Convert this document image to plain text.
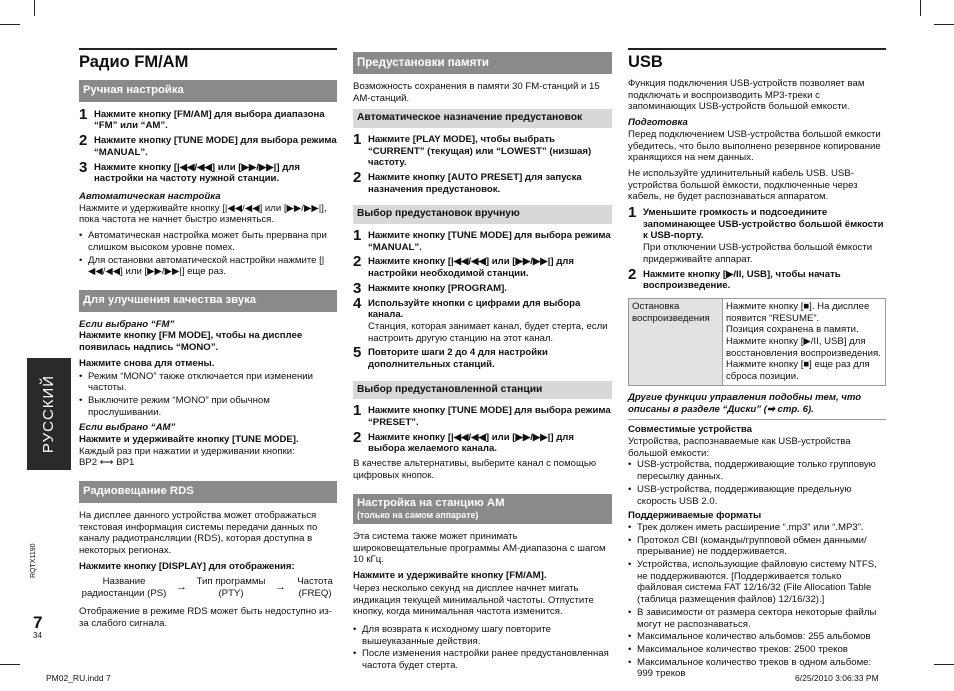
Радио FM/AM
Ручная настройка
1 Нажмите кнопку [FM/AM] для выбора диапазона “FM” или “AM”.
2 Нажмите кнопку [TUNE MODE] для выбора режима “MANUAL”.
3 Нажмите кнопку [|◀◀/◀◀] или [▶▶/▶▶|] для настройки на частоту нужной станции.

Автоматическая настройка

Нажмите и удерживайте кнопку [|◀◀/◀◀] или [▶▶/▶▶|], пока частота не начнет быстро изменяться.

• Автоматическая настройка может быть прервана при слишком высоком уровне помех.
• Для остановки автоматической настройки нажмите [|◀◀/◀◀] или [▶▶/▶▶|] еще раз.
Для улучшения качества звука

Если выбрано “FM”

Нажмите кнопку [FM MODE], чтобы на дисплее появилась надпись “MONO”.

Нажмите снова для отмены.

• Режим “MONO” также отключается при изменении частоты.
• Выключите режим “MONO” при обычном прослушивании.

Если выбрано “AM”

Нажмите и удерживайте кнопку [TUNE MODE].

Каждый раз при нажатии и удерживании кнопки:

BP2 ⟷ BP1

Радиовещание RDS

На дисплее данного устройства может отображаться текстовая информация системы передачи данных по каналу радиотрансляции (RDS), которая доступна в некоторых регионах.

Нажмите кнопку [DISPLAY] для отображения:

Название радиостанции (PS)
→ Тип программы (PTY)
→	Частота (FREQ)

Отображение в режиме RDS может быть недоступно из-за слабого сигнала.

Предустановки памяти

Возможность сохранения в памяти 30 FM-станций и 15 AM-станций.

Автоматическое назначение предустановок
1 Нажмите [PLAY MODE], чтобы выбрать “CURRENT” (текущая) или “LOWEST” (низшая) частоту.
2 Нажмите кнопку [AUTO PRESET] для запуска назначения предустановок.
Выбор предустановок вручную
1 Нажмите кнопку [TUNE MODE] для выбора режима “MANUAL”.
2 Нажмите кнопку [|◀◀/◀◀] или [▶▶/▶▶|] для настройки необходимой станции.
3 Нажмите кнопку [PROGRAM].
4 Используйте кнопки с цифрами для выбора канала.
Станция, которая занимает канал, будет стерта, если настроить другую станцию на этот канал.
5 Повторите шаги 2 до 4 для настройки дополнительных станций.
Выбор предустановленной станции
1 Нажмите кнопку [TUNE MODE] для выбора режима “PRESET”.
2 Нажмите кнопку [|◀◀/◀◀] или [▶▶/▶▶|] для выбора желаемого канала.

В качестве альтернативы, выберите канал с помощью цифровых кнопок.

Настройка на станцию AM
(только на самом аппарате)

Эта система также может принимать широковещательные программы AM-диапазона с шагом 10 кГц.

Нажмите и удерживайте кнопку [FM/AM].

Через несколько секунд на дисплее начнет мигать индикация текущей минимальной частоты. Отпустите кнопку, когда минимальная частота изменится.

• Для возврата к исходному шагу повторите вышеуказанные действия.
• После изменения настройки ранее предустановленная частота будет стерта.
USB

Функция подключения USB-устройств позволяет вам подключать и воспроизводить MP3-треки с запоминающих USB-устройств большой емкости.

Подготовка

Перед подключением USB-устройства большой емкости убедитесь, что было выполнено резервное копирование хранящихся на нем данных.

Не используйте удлинительный кабель USB. USB-устройства большой ёмкости, подключенные через кабель, не будет распознаваться аппаратом.

1 Уменьшите громкость и подсоедините запоминающее USB-устройство большой ёмкости к USB-порту.
При отключении USB-устройства большой ёмкости придерживайте аппарат.
2 Нажмите кнопку [▶/II, USB], чтобы начать воспроизведение.
Остановка воспроизведения	
Нажмите кнопку [■]. На дисплее появится “RESUME”.
Позиция сохранена в памяти.
Нажмите кнопку [▶/II, USB] для восстановления воспроизведения.
Нажмите кнопку [■] еще раз для сброса позиции.

Другие функции управления подобны тем, что описаны в разделе “Диски” (➡ стр. 6).

Совместимые устройства

Устройства, распознаваемые как USB-устройства большой емкости:

• USB-устройства, поддерживающие только групповую пересылку данных.
• USB-устройства, поддерживающие предельную скорость USB 2.0.

Поддерживаемые форматы

• Трек должен иметь расширение “.mp3” или “.MP3”.
• Протокол CBI (команды/групповой обмен данными/прерывание) не поддерживается.
• Устройства, использующие файловую систему NTFS, не поддерживаются. [Поддерживается только файловая система FAT 12/16/32 (File Allocation Table (таблица размещения файлов) 12/16/32).]
• В зависимости от размера сектора некоторые файлы могут не распознаваться.
• Максимальное количество альбомов: 255 альбомов
• Максимальное количество треков: 2500 треков
• Максимальное количество треков в одном альбоме: 999 треков
РУССКИЙ
RQTX1190
7
34
PM02_RU.indd 7	6/25/2010 3:06:33 PM
